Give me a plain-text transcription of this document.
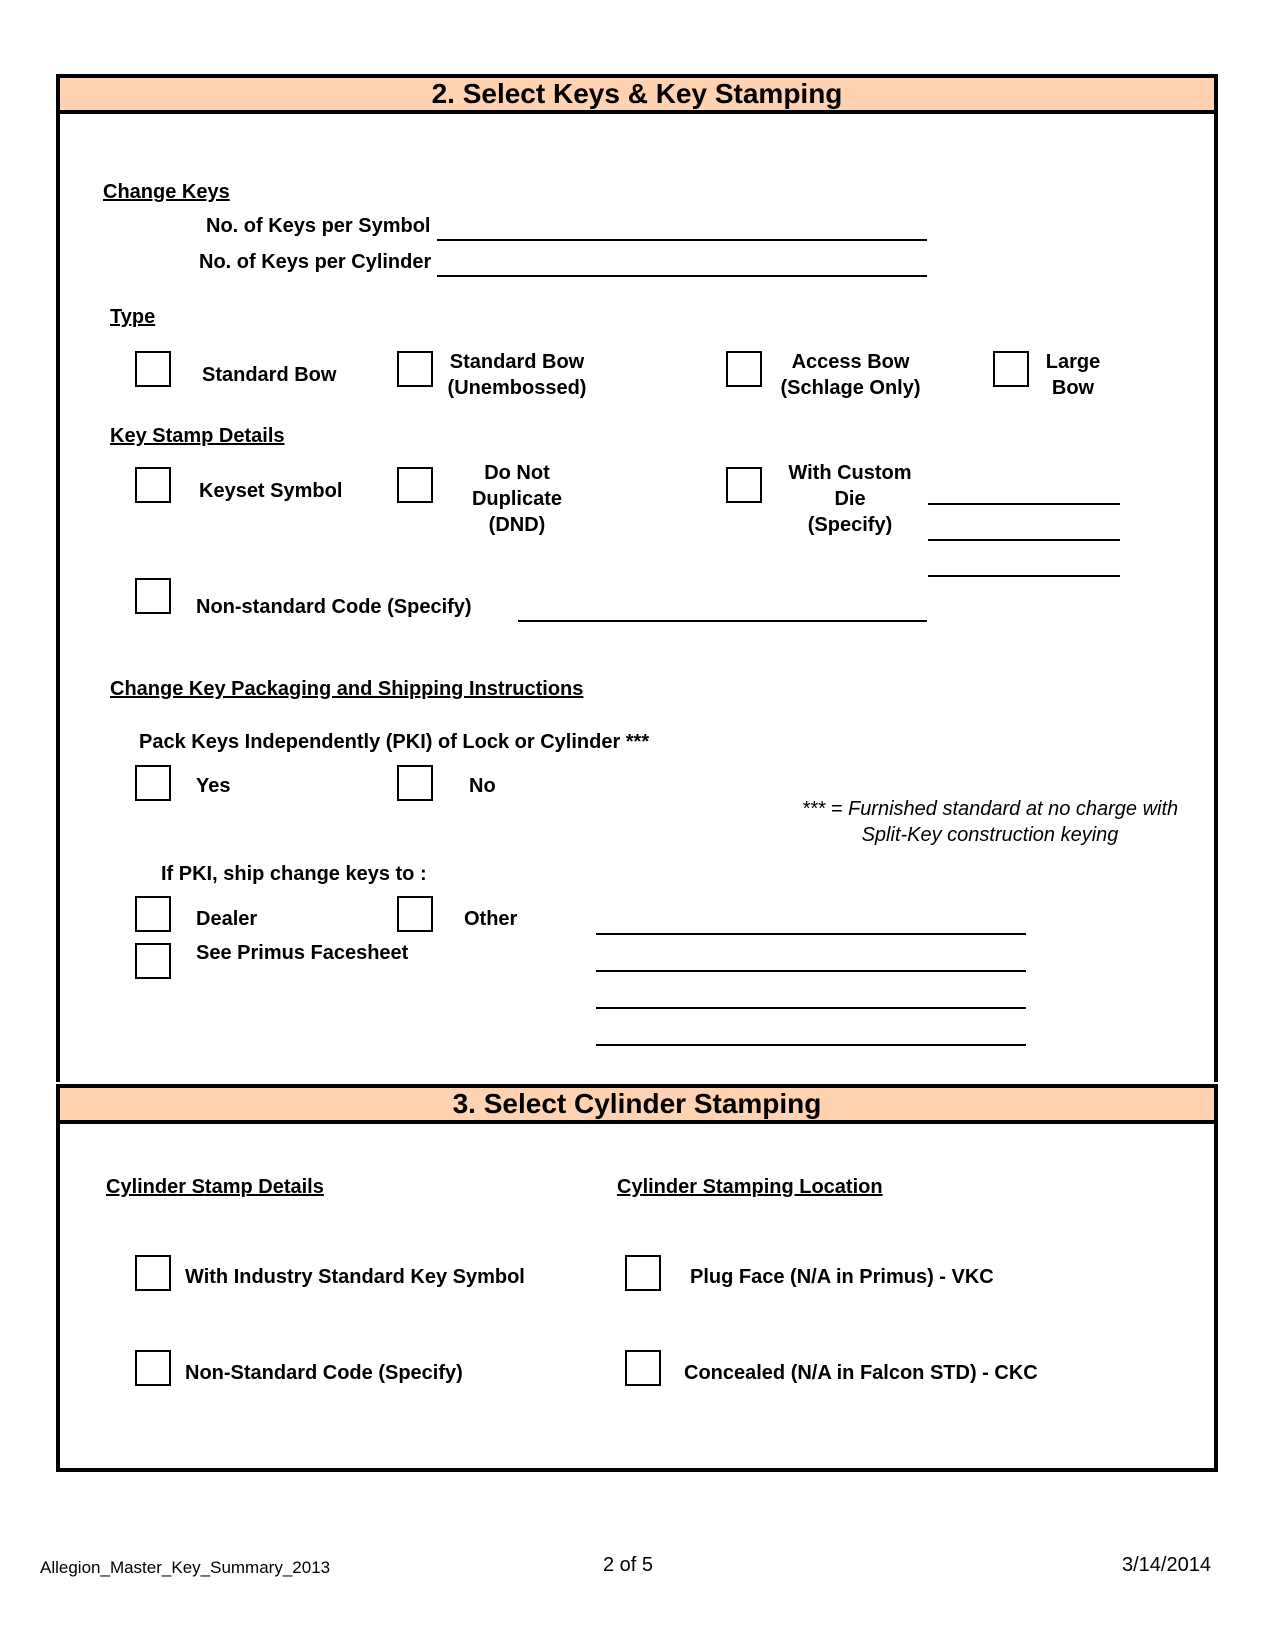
2. Select Keys & Key Stamping
Change Keys
No. of Keys per Symbol
No. of Keys per Cylinder
Type
Standard Bow
Standard Bow
(Unembossed)
Access Bow
(Schlage Only)
Large
Bow
Key Stamp Details
Keyset Symbol
Do Not
Duplicate
(DND)
With Custom
Die
(Specify)
Non-standard Code (Specify)
Change Key Packaging and Shipping Instructions
Pack Keys Independently (PKI) of Lock or Cylinder ***
Yes	No
*** = Furnished standard at no charge with
Split-Key construction keying
If PKI, ship change keys to :
Dealer	Other
See Primus Facesheet
3. Select Cylinder Stamping
Cylinder Stamp Details	Cylinder Stamping Location
With Industry Standard Key Symbol	Plug Face (N/A in Primus) - VKC
Non-Standard Code (Specify)	Concealed (N/A in Falcon STD) - CKC
Allegion_Master_Key_Summary_2013	2 of 5	3/14/2014
